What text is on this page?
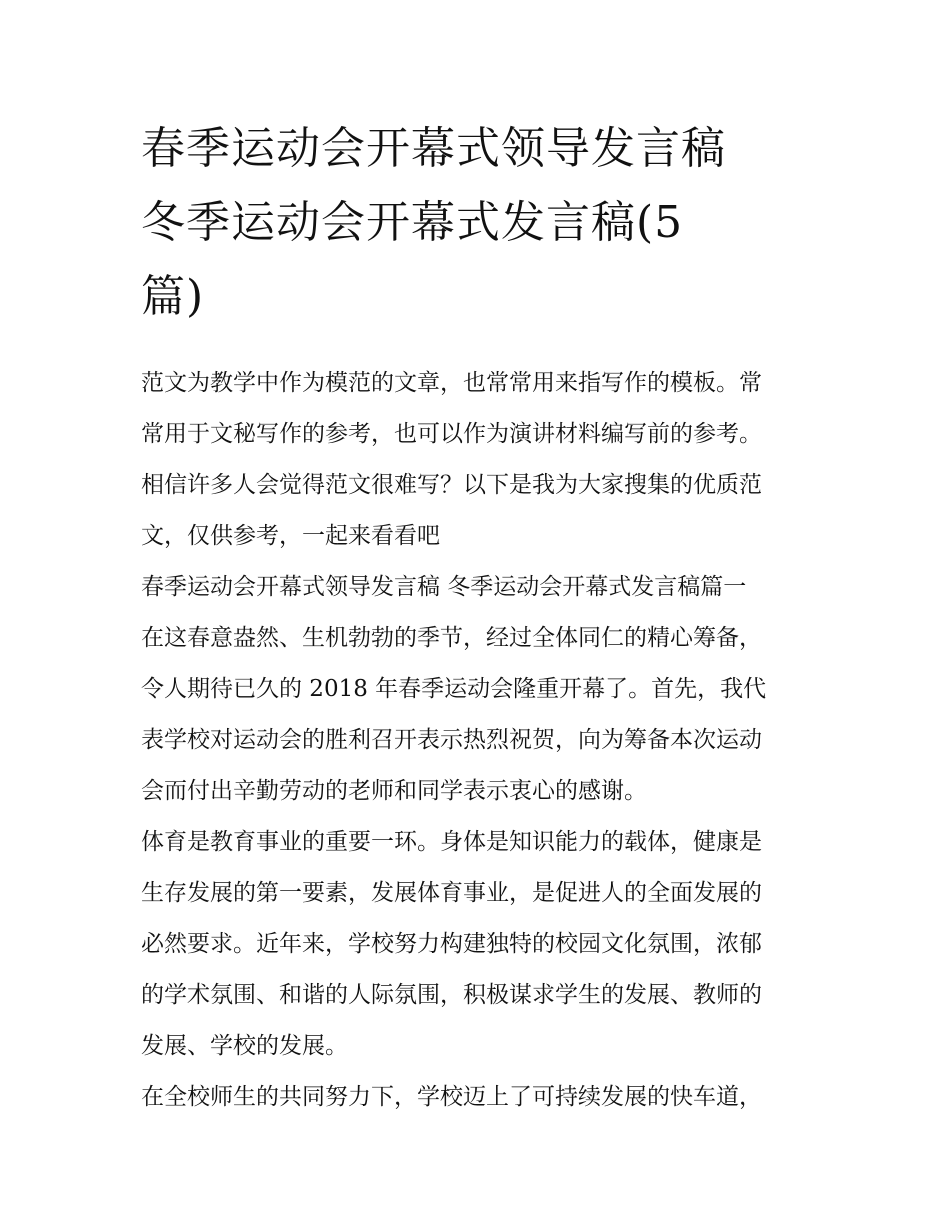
春季运动会开幕式领导发言稿
冬季运动会开幕式发言稿(5
篇)
范文为教学中作为模范的文章，也常常用来指写作的模板。常
常用于文秘写作的参考，也可以作为演讲材料编写前的参考。
相信许多人会觉得范文很难写？以下是我为大家搜集的优质范
文，仅供参考，一起来看看吧
春季运动会开幕式领导发言稿 冬季运动会开幕式发言稿篇一
在这春意盎然、生机勃勃的季节，经过全体同仁的精心筹备，
令人期待已久的 2018 年春季运动会隆重开幕了。首先，我代
表学校对运动会的胜利召开表示热烈祝贺，向为筹备本次运动
会而付出辛勤劳动的老师和同学表示衷心的感谢。
体育是教育事业的重要一环。身体是知识能力的载体，健康是
生存发展的第一要素，发展体育事业，是促进人的全面发展的
必然要求。近年来，学校努力构建独特的校园文化氛围，浓郁
的学术氛围、和谐的人际氛围，积极谋求学生的发展、教师的
发展、学校的发展。
在全校师生的共同努力下，学校迈上了可持续发展的快车道，
